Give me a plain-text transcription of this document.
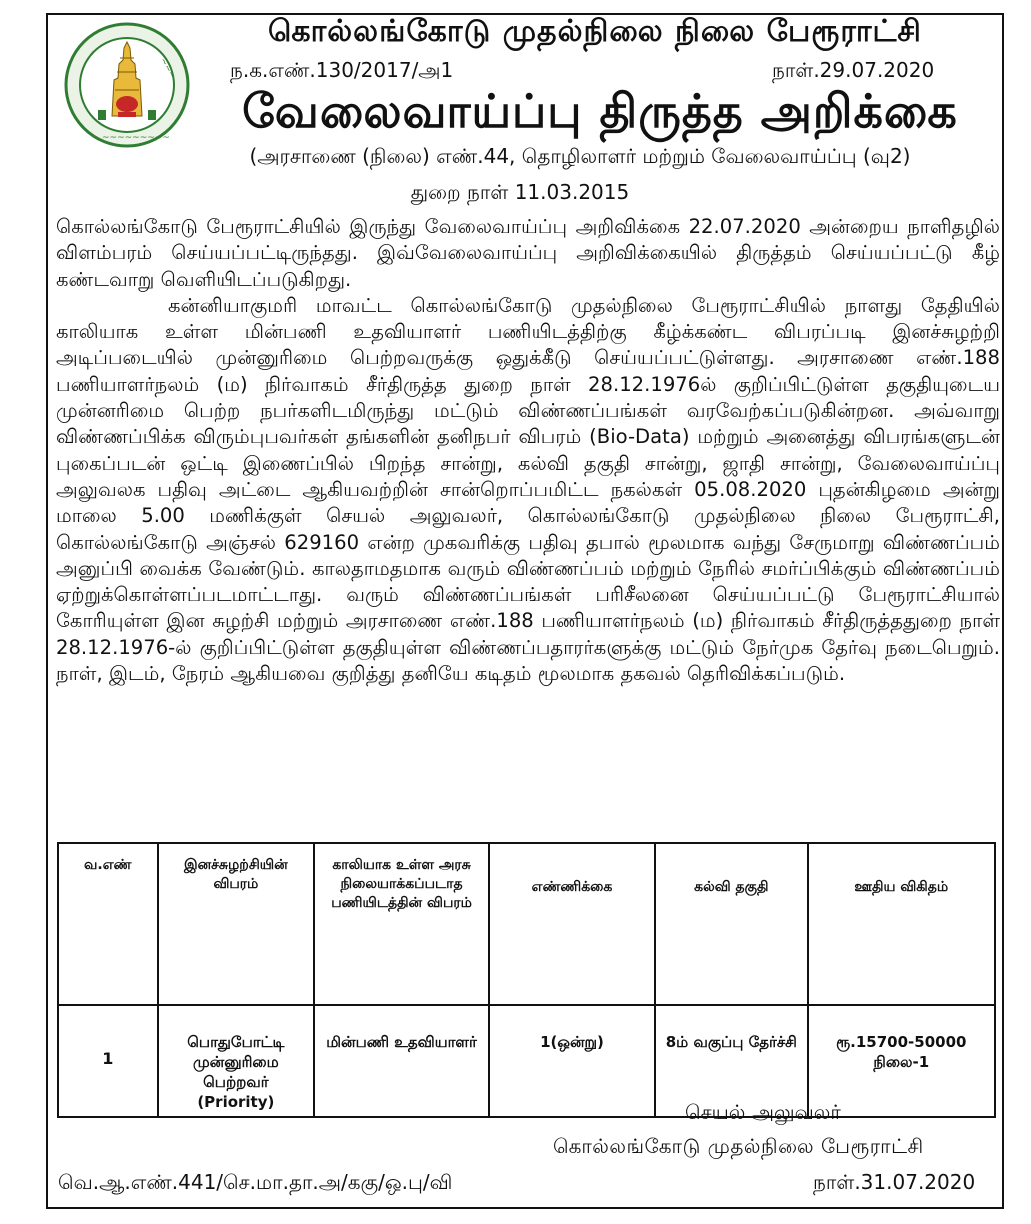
~~~	~~~
~~~~~~~~~
கொல்லங்கோடு முதல்நிலை நிலை பேரூராட்சி
ந.க.எண்.130/2017/அ1	நாள்.29.07.2020
வேலைவாய்ப்பு திருத்த அறிக்கை
(அரசாணை (நிலை) எண்.44, தொழிலாளர் மற்றும் வேலைவாய்ப்பு (வு2)
துறை நாள் 11.03.2015

கொல்லங்கோடு பேரூராட்சியில் இருந்து வேலைவாய்ப்பு அறிவிக்கை 22.07.2020 அன்றைய நாளிதழில் விளம்பரம் செய்யப்பட்டிருந்தது. இவ்வேலைவாய்ப்பு அறிவிக்கையில் திருத்தம் செய்யப்பட்டு கீழ் கண்டவாறு வெளியிடப்படுகிறது.

கன்னியாகுமரி மாவட்ட கொல்லங்கோடு முதல்நிலை பேரூராட்சியில் நாளது தேதியில் காலியாக உள்ள மின்பணி உதவியாளர் பணியிடத்திற்கு கீழ்க்கண்ட விபரப்படி இனச்சுழற்றி அடிப்படையில் முன்னுரிமை பெற்றவருக்கு ஒதுக்கீடு செய்யப்பட்டுள்ளது. அரசாணை எண்.188 பணியாளர்நலம் (ம) நிர்வாகம் சீர்திருத்த துறை நாள் 28.12.1976ல் குறிப்பிட்டுள்ள தகுதியுடைய முன்னரிமை பெற்ற நபர்களிடமிருந்து மட்டும் விண்ணப்பங்கள் வரவேற்கப்படுகின்றன. அவ்வாறு விண்ணப்பிக்க விரும்புபவர்கள் தங்களின் தனிநபர் விபரம் (Bio-Data) மற்றும் அனைத்து விபரங்களுடன் புகைப்படன் ஒட்டி இணைப்பில் பிறந்த சான்று, கல்வி தகுதி சான்று, ஜாதி சான்று, வேலைவாய்ப்பு அலுவலக பதிவு அட்டை ஆகியவற்றின் சான்றொப்பமிட்ட நகல்கள் 05.08.2020 புதன்கிழமை அன்று மாலை 5.00 மணிக்குள் செயல் அலுவலர், கொல்லங்கோடு முதல்நிலை நிலை பேரூராட்சி, கொல்லங்கோடு அஞ்சல் 629160 என்ற முகவரிக்கு பதிவு தபால் மூலமாக வந்து சேருமாறு விண்ணப்பம் அனுப்பி வைக்க வேண்டும். காலதாமதமாக வரும் விண்ணப்பம் மற்றும் நேரில் சமர்ப்பிக்கும் விண்ணப்பம் ஏற்றுக்கொள்ளப்படமாட்டாது. வரும் விண்ணப்பங்கள் பரிசீலனை செய்யப்பட்டு பேரூராட்சியால் கோரியுள்ள இன சுழற்சி மற்றும் அரசாணை எண்.188 பணியாளர்நலம் (ம) நிர்வாகம் சீர்திருத்ததுறை நாள் 28.12.1976-ல் குறிப்பிட்டுள்ள தகுதியுள்ள விண்ணப்பதாரர்களுக்கு மட்டும் நேர்முக தேர்வு நடைபெறும். நாள், இடம், நேரம் ஆகியவை குறித்து தனியே கடிதம் மூலமாக தகவல் தெரிவிக்கப்படும்.

வ.எண்	இனச்சுழற்சியின் விபரம்	காலியாக உள்ள அரசு நிலையாக்கப்படாத பணியிடத்தின் விபரம்	எண்ணிக்கை	கல்வி தகுதி	ஊதிய விகிதம்
1	பொதுபோட்டி முன்னுரிமை பெற்றவர் (Priority)	மின்பணி உதவியாளர்	1(ஒன்று)	8ம் வகுப்பு தேர்ச்சி	ரூ.15700-50000 நிலை-1
செயல் அலுவலர்
கொல்லங்கோடு முதல்நிலை பேரூராட்சி
வெ.ஆ.எண்.441/செ.மா.தா.அ/ககு/ஒ.பு/வி	நாள்.31.07.2020
